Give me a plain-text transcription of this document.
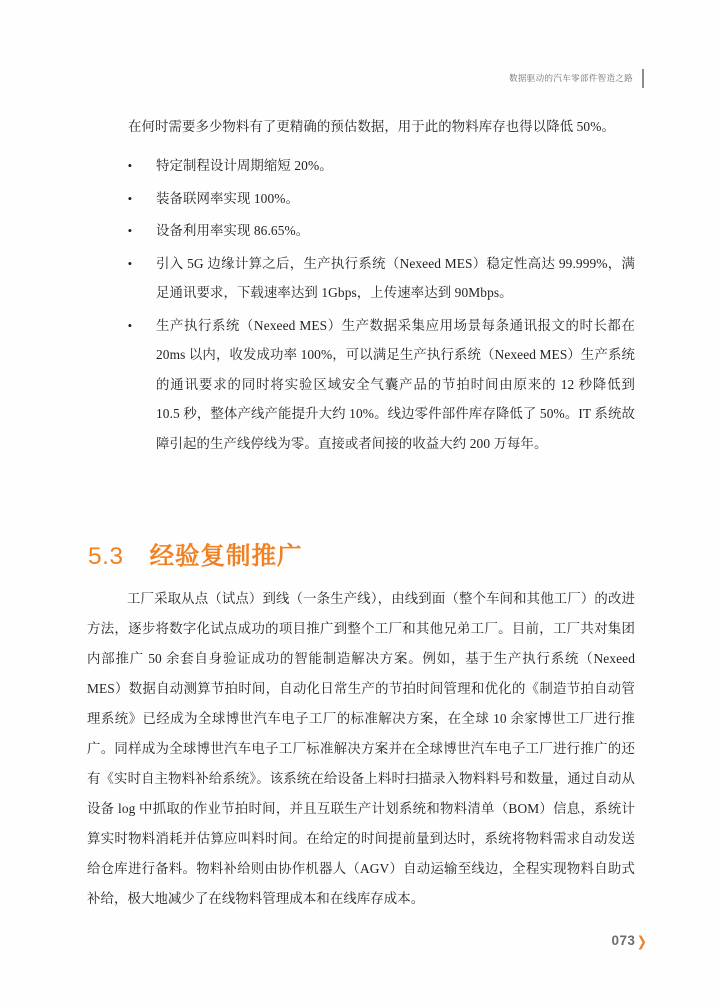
数据驱动的汽车零部件智造之路

在何时需要多少物料有了更精确的预估数据，用于此的物料库存也得以降低 50%。

• 特定制程设计周期缩短 20%。
• 装备联网率实现 100%。
• 设备利用率实现 86.65%。
• 引入 5G 边缘计算之后，生产执行系统（Nexeed MES）稳定性高达 99.999%，满足通讯要求，下载速率达到 1Gbps，上传速率达到 90Mbps。
• 生产执行系统（Nexeed MES）生产数据采集应用场景每条通讯报文的时长都在 20ms 以内，收发成功率 100%，可以满足生产执行系统（Nexeed MES）生产系统的通讯要求的同时将实验区域安全气囊产品的节拍时间由原来的 12 秒降低到 10.5 秒，整体产线产能提升大约 10%。线边零件部件库存降低了 50%。IT 系统故障引起的生产线停线为零。直接或者间接的收益大约 200 万每年。
5.3 经验复制推广

工厂采取从点（试点）到线（一条生产线），由线到面（整个车间和其他工厂）的改进方法，逐步将数字化试点成功的项目推广到整个工厂和其他兄弟工厂。目前，工厂共对集团内部推广 50 余套自身验证成功的智能制造解决方案。例如，基于生产执行系统（Nexeed MES）数据自动测算节拍时间，自动化日常生产的节拍时间管理和优化的《制造节拍自动管理系统》已经成为全球博世汽车电子工厂的标准解决方案，在全球 10 余家博世工厂进行推广。同样成为全球博世汽车电子工厂标准解决方案并在全球博世汽车电子工厂进行推广的还有《实时自主物料补给系统》。该系统在给设备上料时扫描录入物料料号和数量，通过自动从设备 log 中抓取的作业节拍时间，并且互联生产计划系统和物料清单（BOM）信息，系统计算实时物料消耗并估算应叫料时间。在给定的时间提前量到达时，系统将物料需求自动发送给仓库进行备料。物料补给则由协作机器人（AGV）自动运输至线边，全程实现物料自助式补给，极大地减少了在线物料管理成本和在线库存成本。

073 ❯
